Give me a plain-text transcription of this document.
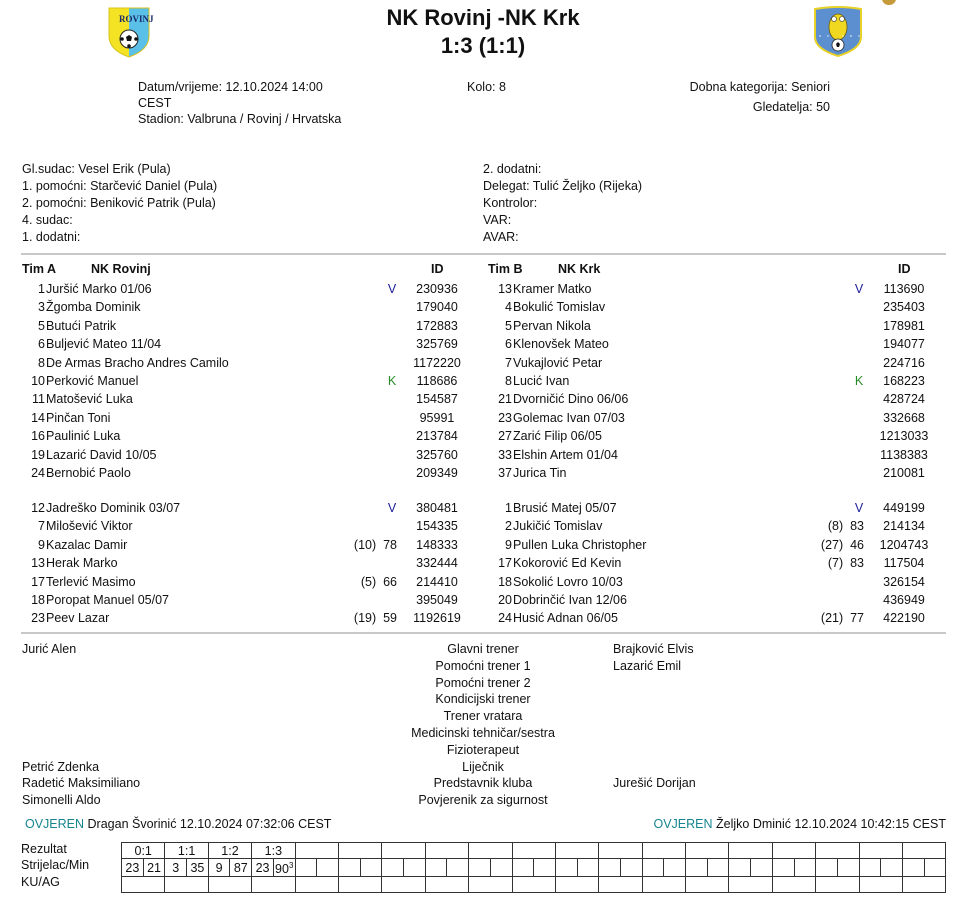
ROVINJ
NK KRK
NK Rovinj -NK Krk
1:3 (1:1)
Datum/vrijeme: 12.10.2024 14:00
CEST
Stadion: Valbruna / Rovinj / Hrvatska
Kolo: 8	Dobna kategorija: Seniori
Gledatelja: 50
Gl.sudac: Vesel Erik (Pula)
1. pomoćni: Starčević Daniel (Pula)
2. pomoćni: Beniković Patrik (Pula)
4. sudac:
1. dodatni:
2. dodatni:
Delegat: Tulić Željko (Rijeka)
Kontrolor:
VAR:
AVAR:
Tim A	NK Rovinj	ID	Tim B	NK Krk	ID
1 Juršić Marko 01/06	V	230936
3 Žgomba Dominik	179040
5 Butući Patrik	172883
6 Buljević Mateo 11/04	325769
8 De Armas Bracho Andres Camilo	1172220
10 Perković Manuel	K	118686
11 Matošević Luka	154587
14 Pinčan Toni	95991
16 Paulinić Luka	213784
19 Lazarić David 10/05	325760
24 Bernobić Paolo	209349
12 Jadreško Dominik 03/07	V	380481
7 Milošević Viktor	154335
9 Kazalac Damir	(10)  78	148333
13 Herak Marko	332444
17 Terlević Masimo	(5)  66	214410
18 Poropat Manuel 05/07	395049
23 Peev Lazar	(19)  59	1192619
13 Kramer Matko	V	113690
4 Bokulić Tomislav	235403
5 Pervan Nikola	178981
6 Klenovšek Mateo	194077
7 Vukajlović Petar	224716
8 Lucić Ivan	K	168223
21 Dvorničić Dino 06/06	428724
23 Golemac Ivan 07/03	332668
27 Zarić Filip 06/05	1213033
33 Elshin Artem 01/04	1138383
37 Jurica Tin	210081
1 Brusić Matej 05/07	V	449199
2 Jukičić Tomislav	(8)  83	214134
9 Pullen Luka Christopher	(27)  46	1204743
17 Kokorović Ed Kevin	(7)  83	117504
18 Sokolić Lovro 10/03	326154
20 Dobrinčić Ivan 12/06	436949
24 Husić Adnan 06/05	(21)  77	422190
Jurić Alen	Glavni trener	Brajković Elvis
Pomoćni trener 1	Lazarić Emil
Pomoćni trener 2
Kondicijski trener
Trener vratara
Medicinski tehničar/sestra
Fizioterapeut
Petrić Zdenka	Liječnik
Radetić Maksimiliano	Predstavnik kluba	Jurešić Dorijan
Simonelli Aldo	Povjerenik za sigurnost
OVJEREN Dragan Švorinić 12.10.2024 07:32:06 CEST	OVJEREN Željko Dminić 12.10.2024 10:42:15 CEST
Rezultat
Strijelac/Min
KU/AG
0:1		1:1		1:2		1:3																															
23	21	3	35	9	87	23	$90^3$																														
